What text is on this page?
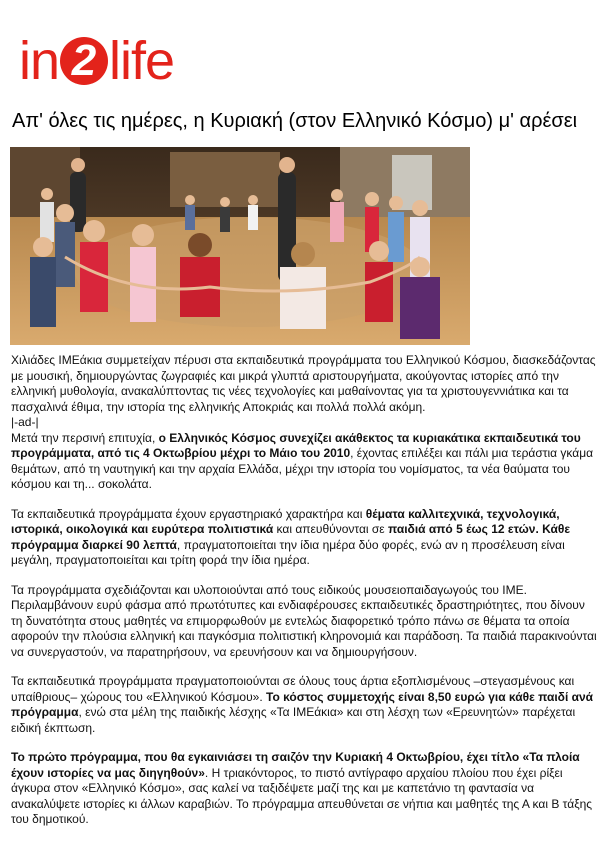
in 2 life
Απ' όλες τις ημέρες, η Κυριακή (στον Ελληνικό Κόσμο) μ' αρέσει

Χιλιάδες ΙΜΕάκια συμμετείχαν πέρυσι στα εκπαιδευτικά προγράμματα του Ελληνικού Κόσμου, διασκεδάζοντας με μουσική, δημιουργώντας ζωγραφιές και μικρά γλυπτά αριστουργήματα, ακούγοντας ιστορίες από την ελληνική μυθολογία, ανακαλύπτοντας τις νέες τεχνολογίες και μαθαίνοντας για τα χριστουγεννιάτικα και τα πασχαλινά έθιμα, την ιστορία της ελληνικής Αποκριάς και πολλά πολλά ακόμη.

|-ad-|

Μετά την περσινή επιτυχία, ο Ελληνικός Κόσμος συνεχίζει ακάθεκτος τα κυριακάτικα εκπαιδευτικά του προγράμματα, από τις 4 Οκτωβρίου μέχρι το Μάιο του 2010, έχοντας επιλέξει και πάλι μια τεράστια γκάμα θεμάτων, από τη ναυτηγική και την αρχαία Ελλάδα, μέχρι την ιστορία του νομίσματος, τα νέα θαύματα του κόσμου και τη... σοκολάτα.

Τα εκπαιδευτικά προγράμματα έχουν εργαστηριακό χαρακτήρα και θέματα καλλιτεχνικά, τεχνολογικά, ιστορικά, οικολογικά και ευρύτερα πολιτιστικά και απευθύνονται σε παιδιά από 5 έως 12 ετών. Κάθε πρόγραμμα διαρκεί 90 λεπτά, πραγματοποιείται την ίδια ημέρα δύο φορές, ενώ αν η προσέλευση είναι μεγάλη, πραγματοποιείται και τρίτη φορά την ίδια ημέρα.

Τα προγράμματα σχεδιάζονται και υλοποιούνται από τους ειδικούς μουσειοπαιδαγωγούς του ΙΜΕ. Περιλαμβάνουν ευρύ φάσμα από πρωτότυπες και ενδιαφέρουσες εκπαιδευτικές δραστηριότητες, που δίνουν τη δυνατότητα στους μαθητές να επιμορφωθούν με εντελώς διαφορετικό τρόπο πάνω σε θέματα τα οποία αφορούν την πλούσια ελληνική και παγκόσμια πολιτιστική κληρονομιά και παράδοση. Τα παιδιά παρακινούνται να συνεργαστούν, να παρατηρήσουν, να ερευνήσουν και να δημιουργήσουν.

Τα εκπαιδευτικά προγράμματα πραγματοποιούνται σε όλους τους άρτια εξοπλισμένους –στεγασμένους και υπαίθριους– χώρους του «Ελληνικού Κόσμου». Το κόστος συμμετοχής είναι 8,50 ευρώ για κάθε παιδί ανά πρόγραμμα, ενώ στα μέλη της παιδικής λέσχης «Τα ΙΜΕάκια» και στη λέσχη των «Ερευνητών» παρέχεται ειδική έκπτωση.

Το πρώτο πρόγραμμα, που θα εγκαινιάσει τη σαιζόν την Κυριακή 4 Οκτωβρίου, έχει τίτλο «Τα πλοία έχουν ιστορίες να μας διηγηθούν». Η τριακόντορος, το πιστό αντίγραφο αρχαίου πλοίου που έχει ρίξει άγκυρα στον «Ελληνικό Κόσμο», σας καλεί να ταξιδέψετε μαζί της και με καπετάνιο τη φαντασία να ανακαλύψετε ιστορίες κι άλλων καραβιών. Το πρόγραμμα απευθύνεται σε νήπια και μαθητές της Α και Β τάξης του δημοτικού.
